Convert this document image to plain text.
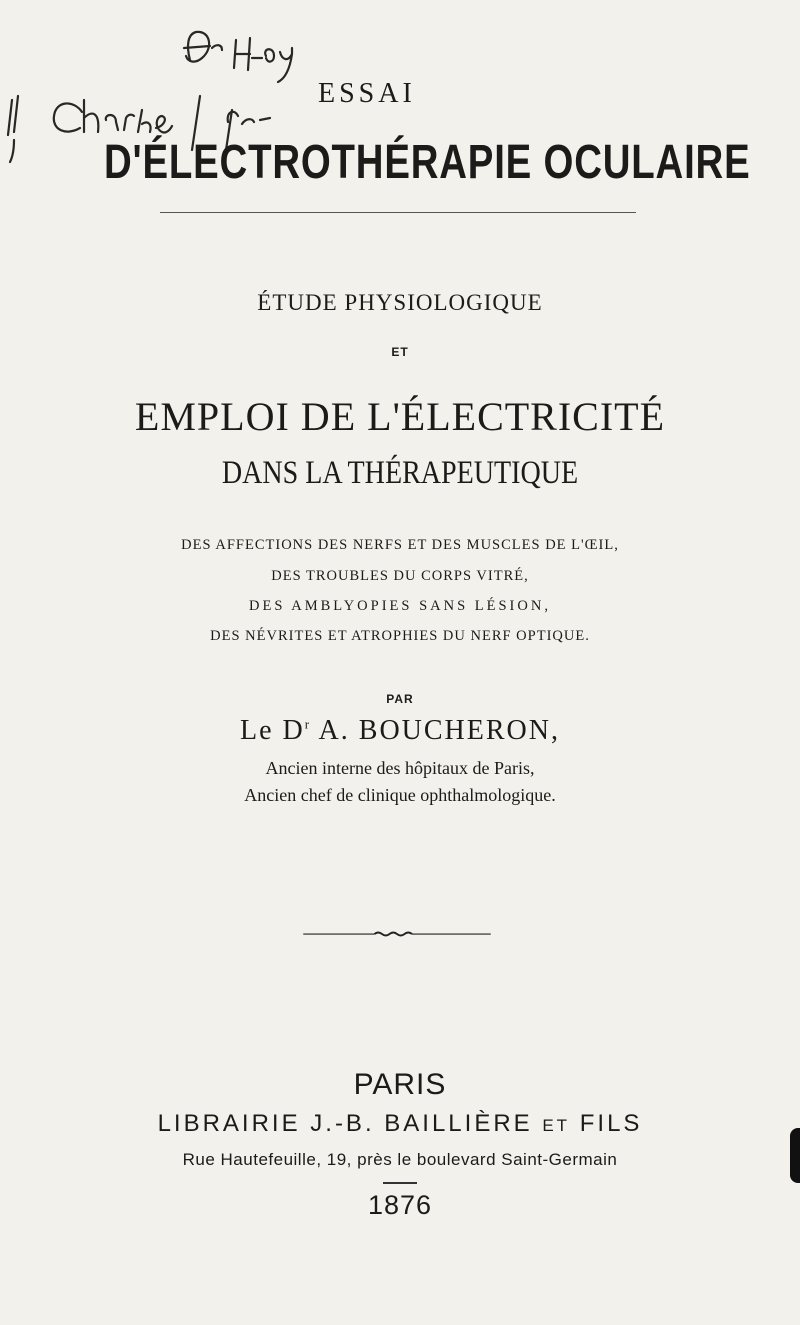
ESSAI
D'ÉLECTROTHÉRAPIE OCULAIRE
ÉTUDE PHYSIOLOGIQUE
ET
EMPLOI DE L'ÉLECTRICITÉ
DANS LA THÉRAPEUTIQUE
DES AFFECTIONS DES NERFS ET DES MUSCLES DE L'ŒIL,
DES TROUBLES DU CORPS VITRÉ,
DES AMBLYOPIES SANS LÉSION,
DES NÉVRITES ET ATROPHIES DU NERF OPTIQUE.
PAR
Le $D^r$ A. BOUCHERON,
Ancien interne des hôpitaux de Paris,
Ancien chef de clinique ophthalmologique.
PARIS
LIBRAIRIE J.-B. BAILLIÈRE ET FILS
Rue Hautefeuille, 19, près le boulevard Saint-Germain
1876
